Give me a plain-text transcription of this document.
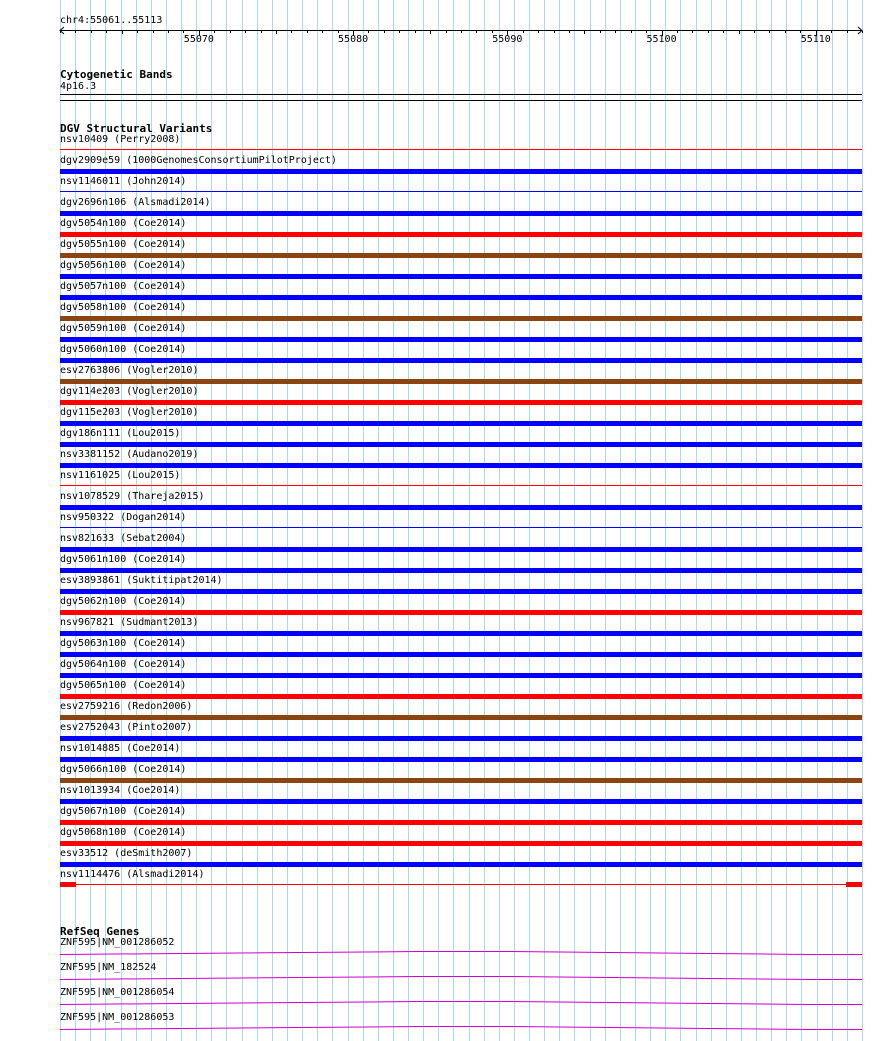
chr4:55061..55113
55070	55080	55090	55100	55110
Cytogenetic Bands
4p16.3
DGV Structural Variants
nsv10409 (Perry2008)
dgv2909e59 (1000GenomesConsortiumPilotProject)
nsv1146011 (John2014)
dgv2696n106 (Alsmadi2014)
dgv5054n100 (Coe2014)
dgv5055n100 (Coe2014)
dgv5056n100 (Coe2014)
dgv5057n100 (Coe2014)
dgv5058n100 (Coe2014)
dgv5059n100 (Coe2014)
dgv5060n100 (Coe2014)
esv2763806 (Vogler2010)
dgv114e203 (Vogler2010)
dgv115e203 (Vogler2010)
dgv186n111 (Lou2015)
nsv3381152 (Audano2019)
nsv1161025 (Lou2015)
nsv1078529 (Thareja2015)
nsv950322 (Dogan2014)
nsv821633 (Sebat2004)
dgv5061n100 (Coe2014)
esv3893861 (Suktitipat2014)
dgv5062n100 (Coe2014)
nsv967821 (Sudmant2013)
dgv5063n100 (Coe2014)
dgv5064n100 (Coe2014)
dgv5065n100 (Coe2014)
esv2759216 (Redon2006)
esv2752043 (Pinto2007)
nsv1014885 (Coe2014)
dgv5066n100 (Coe2014)
nsv1013934 (Coe2014)
dgv5067n100 (Coe2014)
dgv5068n100 (Coe2014)
esv33512 (deSmith2007)
nsv1114476 (Alsmadi2014)
RefSeq Genes
ZNF595|NM_001286052
ZNF595|NM_182524
ZNF595|NM_001286054
ZNF595|NM_001286053
